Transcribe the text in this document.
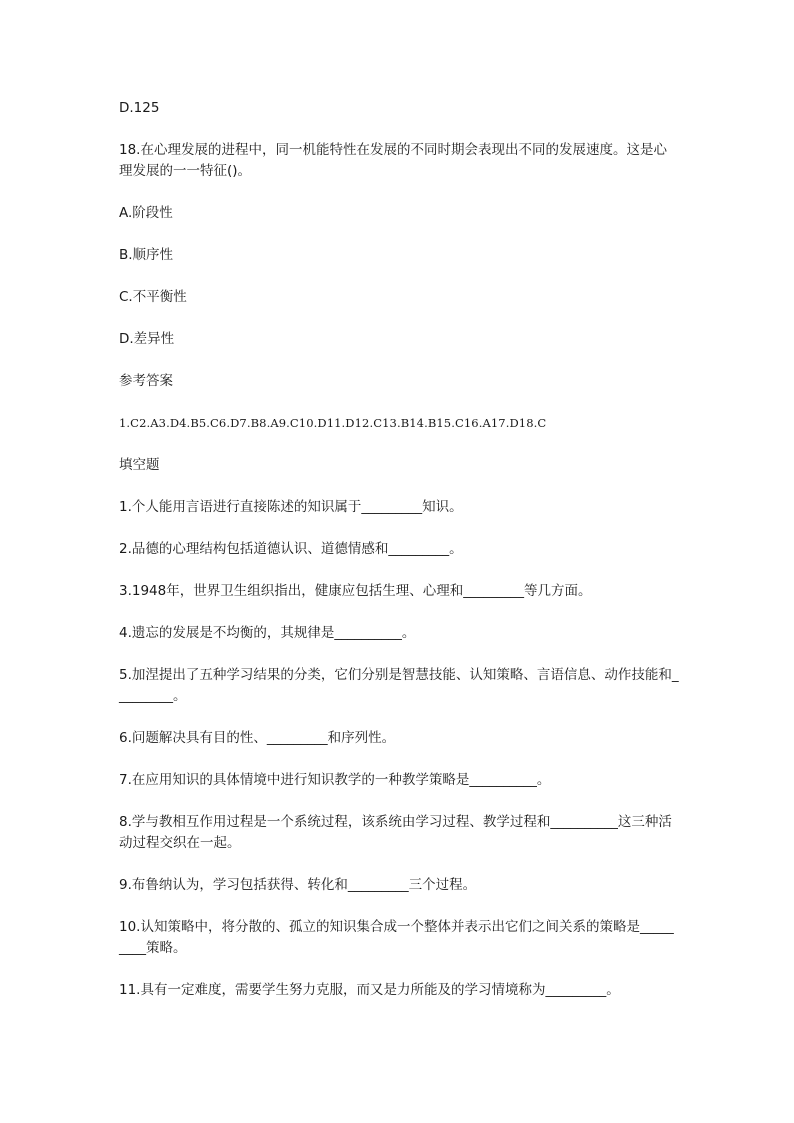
D.125

18.在心理发展的进程中，同一机能特性在发展的不同时期会表现出不同的发展速度。这是心理发展的一一特征()。

A.阶段性

B.顺序性

C.不平衡性

D.差异性

参考答案

1.C2.A3.D4.B5.C6.D7.B8.A9.C10.D11.D12.C13.B14.B15.C16.A17.D18.C

填空题

1.个人能用言语进行直接陈述的知识属于_________知识。

2.品德的心理结构包括道德认识、道德情感和_________。

3.1948年，世界卫生组织指出，健康应包括生理、心理和_________等几方面。

4.遗忘的发展是不均衡的，其规律是__________。

5.加涅提出了五种学习结果的分类，它们分别是智慧技能、认知策略、言语信息、动作技能和_________。

6.问题解决具有目的性、_________和序列性。

7.在应用知识的具体情境中进行知识教学的一种教学策略是__________。

8.学与教相互作用过程是一个系统过程，该系统由学习过程、教学过程和__________这三种活动过程交织在一起。

9.布鲁纳认为，学习包括获得、转化和_________三个过程。

10.认知策略中，将分散的、孤立的知识集合成一个整体并表示出它们之间关系的策略是_________策略。

11.具有一定难度，需要学生努力克服，而又是力所能及的学习情境称为_________。
